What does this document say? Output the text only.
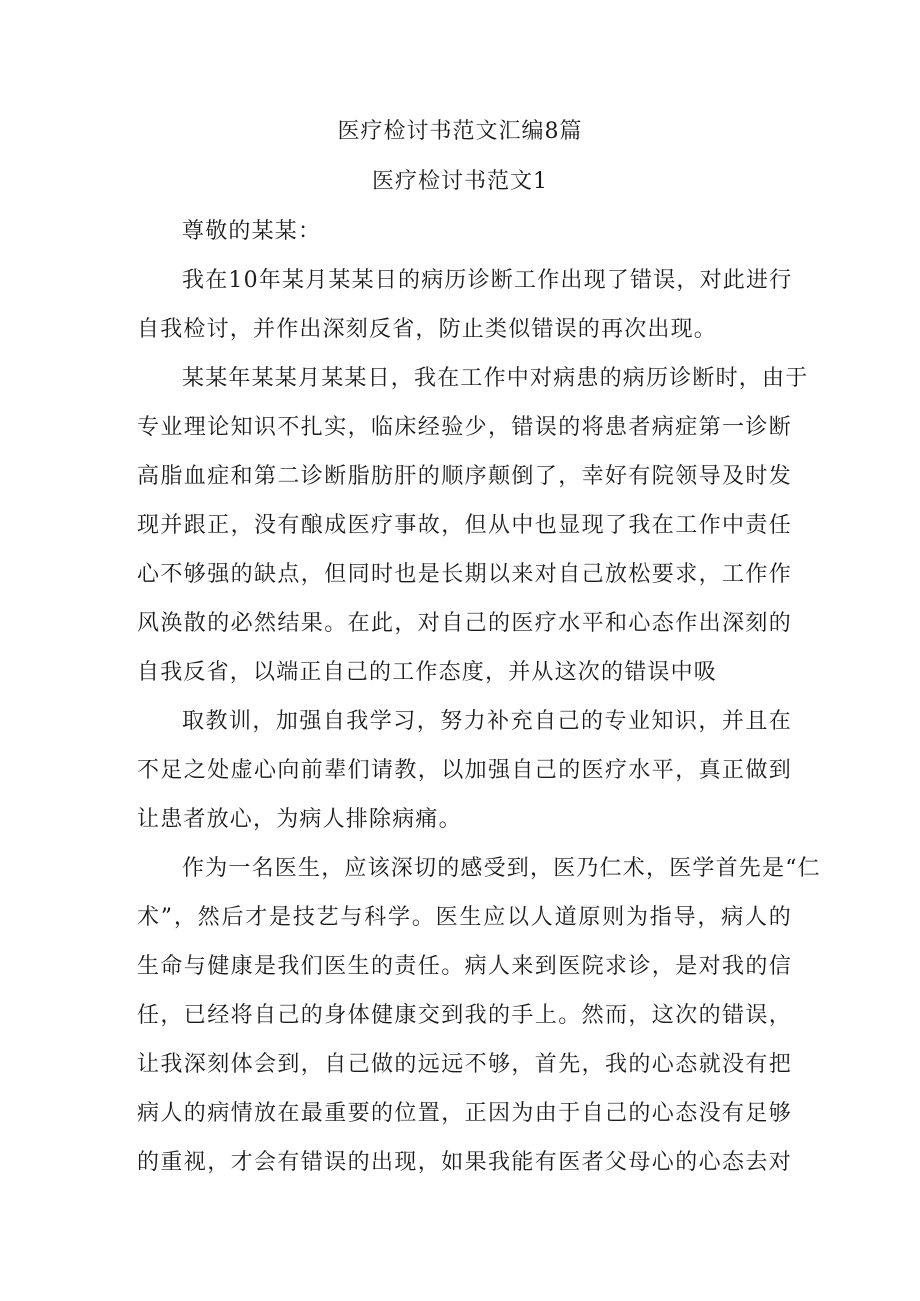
医疗检讨书范文汇编8篇
医疗检讨书范文1
尊敬的某某：
我在10年某月某某日的病历诊断工作出现了错误，对此进行
自我检讨，并作出深刻反省，防止类似错误的再次出现。
某某年某某月某某日，我在工作中对病患的病历诊断时，由于
专业理论知识不扎实，临床经验少，错误的将患者病症第一诊断
高脂血症和第二诊断脂肪肝的顺序颠倒了，幸好有院领导及时发
现并跟正，没有酿成医疗事故，但从中也显现了我在工作中责任
心不够强的缺点，但同时也是长期以来对自己放松要求，工作作
风涣散的必然结果。在此，对自己的医疗水平和心态作出深刻的
自我反省，以端正自己的工作态度，并从这次的错误中吸
取教训，加强自我学习，努力补充自己的专业知识，并且在
不足之处虚心向前辈们请教，以加强自己的医疗水平，真正做到
让患者放心，为病人排除病痛。
作为一名医生，应该深切的感受到，医乃仁术，医学首先是“仁
术”，然后才是技艺与科学。医生应以人道原则为指导，病人的
生命与健康是我们医生的责任。病人来到医院求诊，是对我的信
任，已经将自己的身体健康交到我的手上。然而，这次的错误，
让我深刻体会到，自己做的远远不够，首先，我的心态就没有把
病人的病情放在最重要的位置，正因为由于自己的心态没有足够
的重视，才会有错误的出现，如果我能有医者父母心的心态去对
